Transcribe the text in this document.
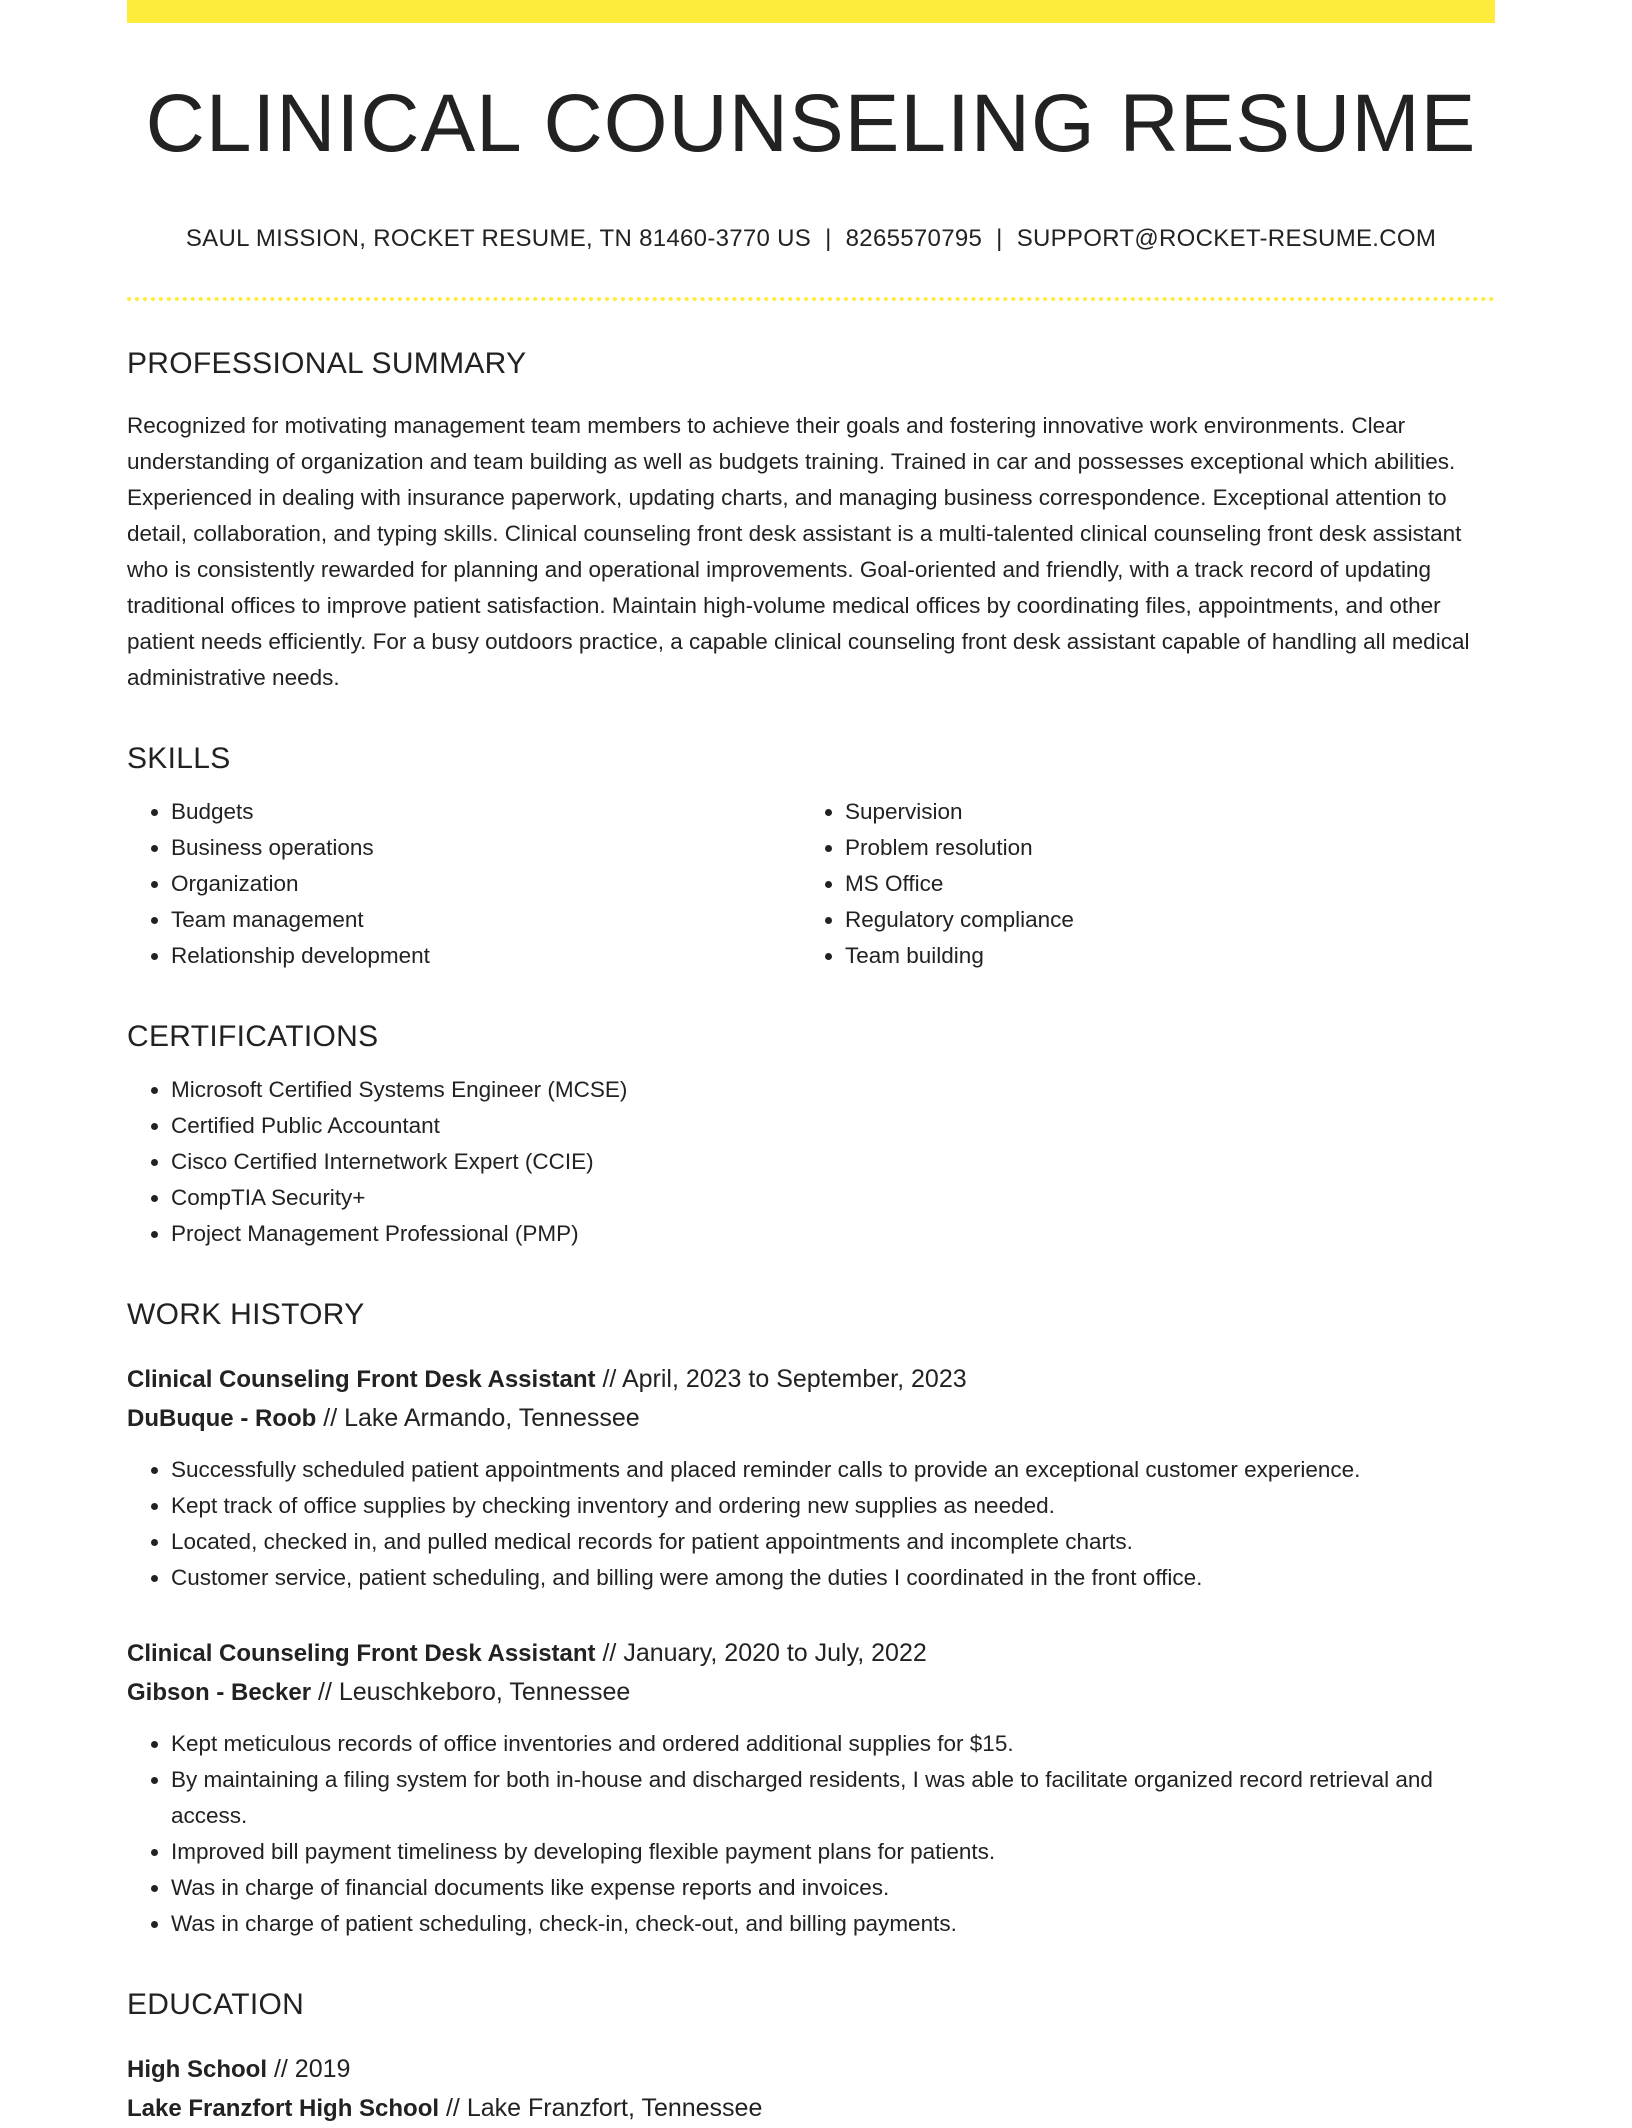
CLINICAL COUNSELING RESUME
SAUL MISSION, ROCKET RESUME, TN 81460-3770 US | 8265570795 | SUPPORT@ROCKET-RESUME.COM
PROFESSIONAL SUMMARY
Recognized for motivating management team members to achieve their goals and fostering innovative work environments. Clear understanding of organization and team building as well as budgets training. Trained in car and possesses exceptional which abilities. Experienced in dealing with insurance paperwork, updating charts, and managing business correspondence. Exceptional attention to detail, collaboration, and typing skills. Clinical counseling front desk assistant is a multi-talented clinical counseling front desk assistant who is consistently rewarded for planning and operational improvements. Goal-oriented and friendly, with a track record of updating traditional offices to improve patient satisfaction. Maintain high-volume medical offices by coordinating files, appointments, and other patient needs efficiently. For a busy outdoors practice, a capable clinical counseling front desk assistant capable of handling all medical administrative needs.
SKILLS
• Budgets
• Business operations
• Organization
• Team management
• Relationship development
• Supervision
• Problem resolution
• MS Office
• Regulatory compliance
• Team building
CERTIFICATIONS
• Microsoft Certified Systems Engineer (MCSE)
• Certified Public Accountant
• Cisco Certified Internetwork Expert (CCIE)
• CompTIA Security+
• Project Management Professional (PMP)
WORK HISTORY
Clinical Counseling Front Desk Assistant // April, 2023 to September, 2023
DuBuque - Roob // Lake Armando, Tennessee
• Successfully scheduled patient appointments and placed reminder calls to provide an exceptional customer experience.
• Kept track of office supplies by checking inventory and ordering new supplies as needed.
• Located, checked in, and pulled medical records for patient appointments and incomplete charts.
• Customer service, patient scheduling, and billing were among the duties I coordinated in the front office.
Clinical Counseling Front Desk Assistant // January, 2020 to July, 2022
Gibson - Becker // Leuschkeboro, Tennessee
• Kept meticulous records of office inventories and ordered additional supplies for $15.
• By maintaining a filing system for both in-house and discharged residents, I was able to facilitate organized record retrieval and access.
• Improved bill payment timeliness by developing flexible payment plans for patients.
• Was in charge of financial documents like expense reports and invoices.
• Was in charge of patient scheduling, check-in, check-out, and billing payments.
EDUCATION
High School // 2019
Lake Franzfort High School // Lake Franzfort, Tennessee
